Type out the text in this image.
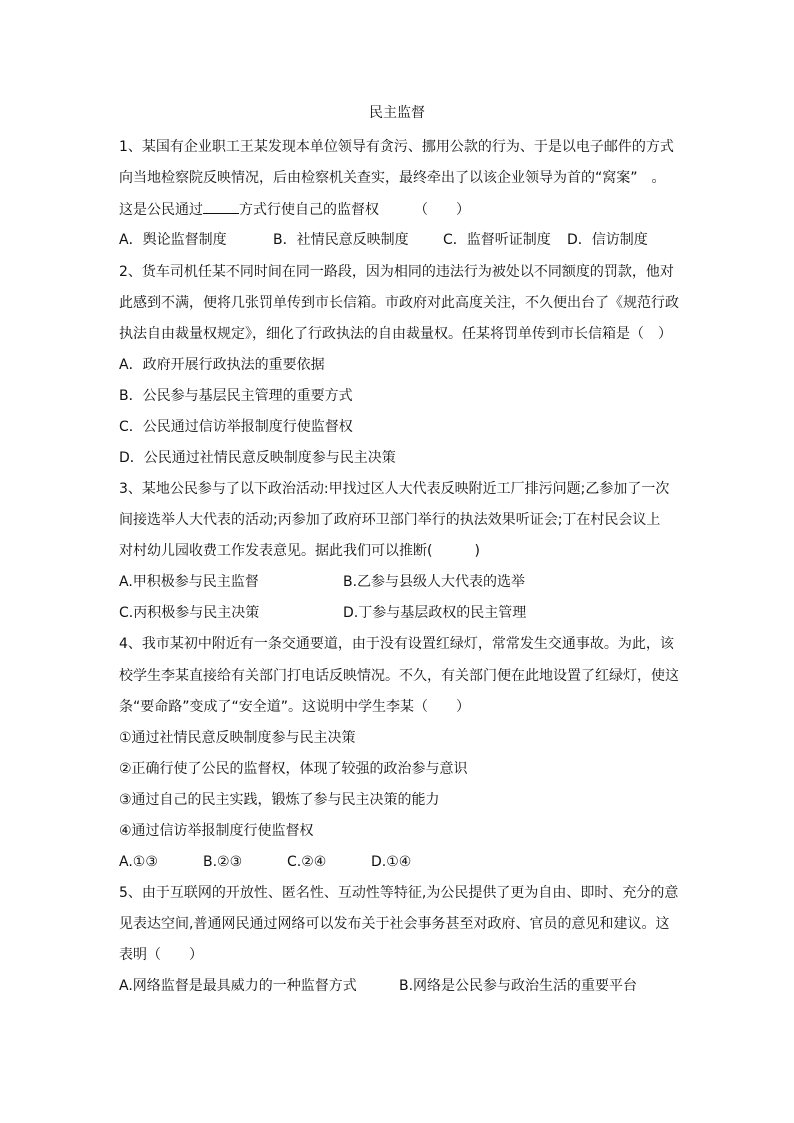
民主监督
1、某国有企业职工王某发现本单位领导有贪污、挪用公款的行为、于是以电子邮件的方式
向当地检察院反映情况，后由检察机关查实，最终牵出了以该企业领导为首的“窝案”　。
这是公民通过	方式行使自己的监督权　　　（　　）
A．舆论监督制度	B．社情民意反映制度 C．监督听证制度 D．信访制度
2、货车司机任某不同时间在同一路段，因为相同的违法行为被处以不同额度的罚款，他对
此感到不满，便将几张罚单传到市长信箱。市政府对此高度关注，不久便出台了《规范行政
执法自由裁量权规定》，细化了行政执法的自由裁量权。任某将罚单传到市长信箱是（　）
A．政府开展行政执法的重要依据
B．公民参与基层民主管理的重要方式
C．公民通过信访举报制度行使监督权
D．公民通过社情民意反映制度参与民主决策
3、某地公民参与了以下政治活动:甲找过区人大代表反映附近工厂排污问题;乙参加了一次
间接选举人大代表的活动;丙参加了政府环卫部门举行的执法效果听证会;丁在村民会议上
对村幼儿园收费工作发表意见。据此我们可以推断(　　　)
A.甲积极参与民主监督	B.乙参与县级人大代表的选举
C.丙积极参与民主决策	D.丁参与基层政权的民主管理
4、我市某初中附近有一条交通要道，由于没有设置红绿灯，常常发生交通事故。为此，该
校学生李某直接给有关部门打电话反映情况。不久，有关部门便在此地设置了红绿灯，使这
条“要命路”变成了“安全道”。这说明中学生李某（　　）
①通过社情民意反映制度参与民主决策
②正确行使了公民的监督权，体现了较强的政治参与意识
③通过自己的民主实践，锻炼了参与民主决策的能力
④通过信访举报制度行使监督权
A.①③	B.②③	C.②④	D.①④
5、由于互联网的开放性、匿名性、互动性等特征,为公民提供了更为自由、即时、充分的意
见表达空间,普通网民通过网络可以发布关于社会事务甚至对政府、官员的意见和建议。这
表明（　　）
A.网络监督是最具威力的一种监督方式	B.网络是公民参与政治生活的重要平台
